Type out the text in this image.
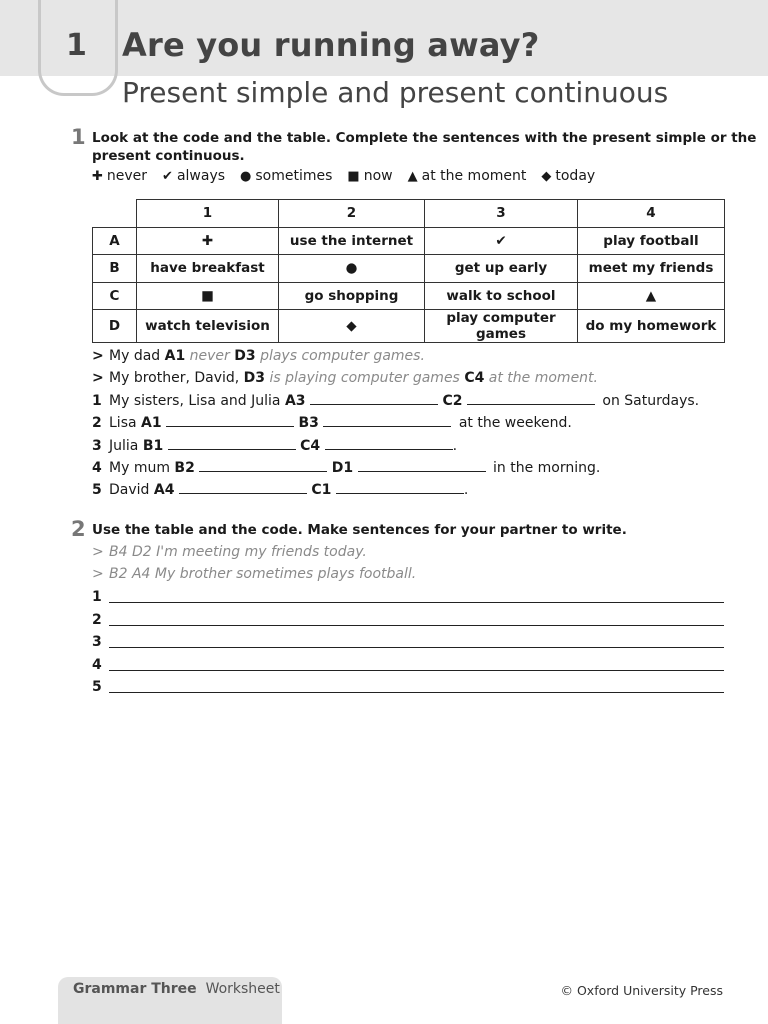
1 Are you running away?
Present simple and present continuous
1 Look at the code and the table. Complete the sentences with the present simple or the
present continuous.
✚ never ✔ always ● sometimes ■ now ▲ at the moment ◆ today
	1	2	3	4
A	✚	use the internet	✔	play football
B	have breakfast	●	get up early	meet my friends
C	■	go shopping	walk to school	▲
D	watch television	◆	play computer games	do my homework
> My dad A1 never D3 plays computer games.
> My brother, David, D3 is playing computer games C4 at the moment.
1 My sisters, Lisa and Julia A3	C2	on Saturdays.
2 Lisa A1	B3	at the weekend.
3 Julia B1	C4	.
4 My mum B2	D1	in the morning.
5 David A4	C1	.
2 Use the table and the code. Make sentences for your partner to write.
> B4 D2 I'm meeting my friends today.
> B2 A4 My brother sometimes plays football.
1
2
3
4
5
Grammar Three Worksheet	© Oxford University Press
